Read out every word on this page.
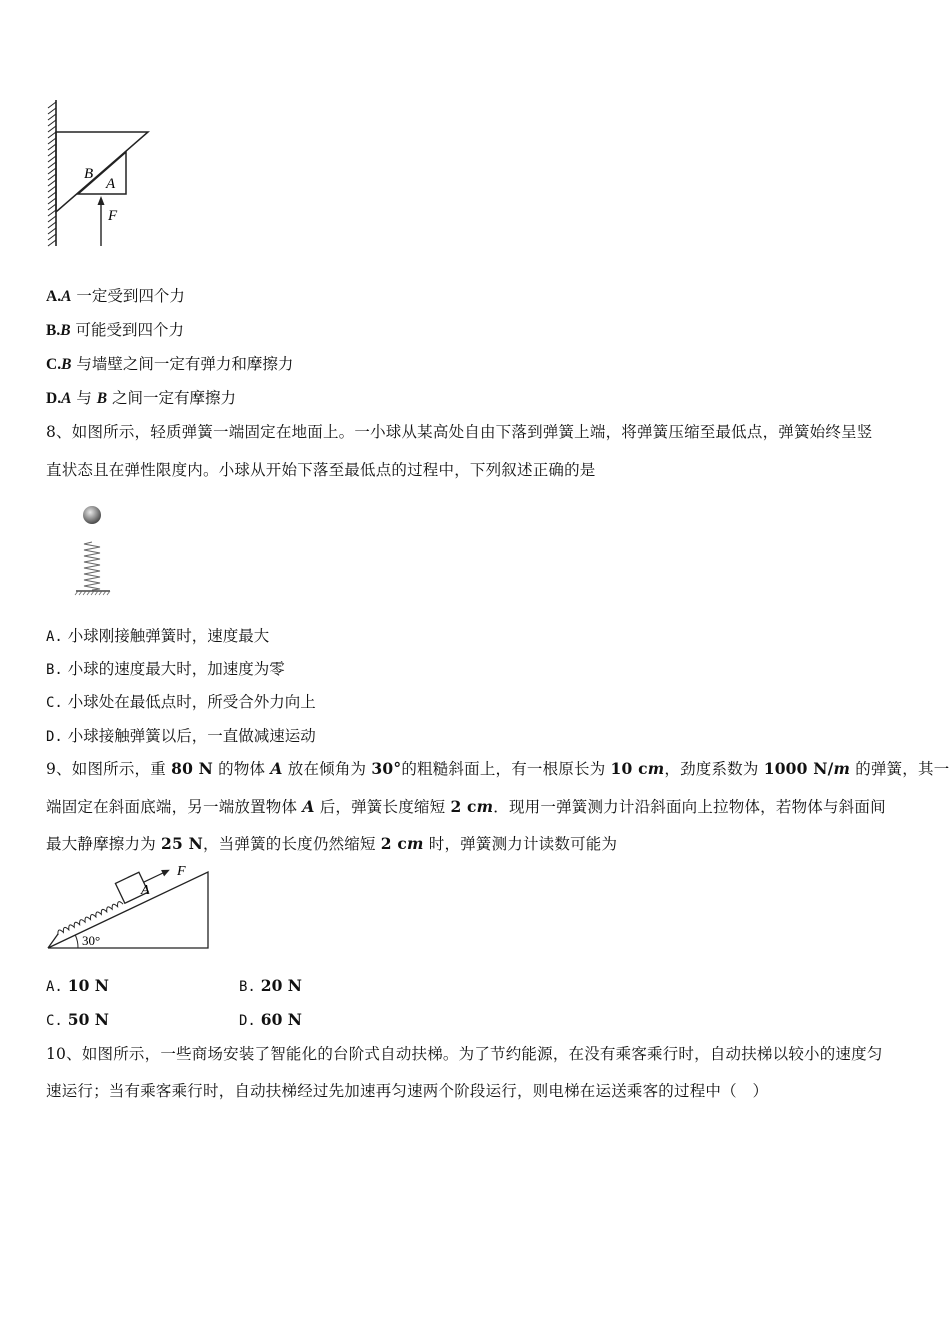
B
A
F
A.A 一定受到四个力
B.B 可能受到四个力
C.B 与墙壁之间一定有弹力和摩擦力
D.A 与 B 之间一定有摩擦力
8、如图所示，轻质弹簧一端固定在地面上。一小球从某高处自由下落到弹簧上端，将弹簧压缩至最低点，弹簧始终呈竖
直状态且在弹性限度内。小球从开始下落至最低点的过程中，下列叙述正确的是
A. 小球刚接触弹簧时，速度最大
B. 小球的速度最大时，加速度为零
C. 小球处在最低点时，所受合外力向上
D. 小球接触弹簧以后，一直做减速运动
9、如图所示，重 80 N 的物体 A 放在倾角为 30°的粗糙斜面上，有一根原长为 10 cm，劲度系数为 1000 N/m 的弹簧，其一
端固定在斜面底端，另一端放置物体 A 后，弹簧长度缩短 2 cm．现用一弹簧测力计沿斜面向上拉物体，若物体与斜面间
最大静摩擦力为 25 N，当弹簧的长度仍然缩短 2 cm 时，弹簧测力计读数可能为
A
F
30°
A. 10 N	B. 20 N
C. 50 N	D. 60 N
10、如图所示，一些商场安装了智能化的台阶式自动扶梯。为了节约能源，在没有乘客乘行时，自动扶梯以较小的速度匀
速运行；当有乘客乘行时，自动扶梯经过先加速再匀速两个阶段运行，则电梯在运送乘客的过程中（　）
